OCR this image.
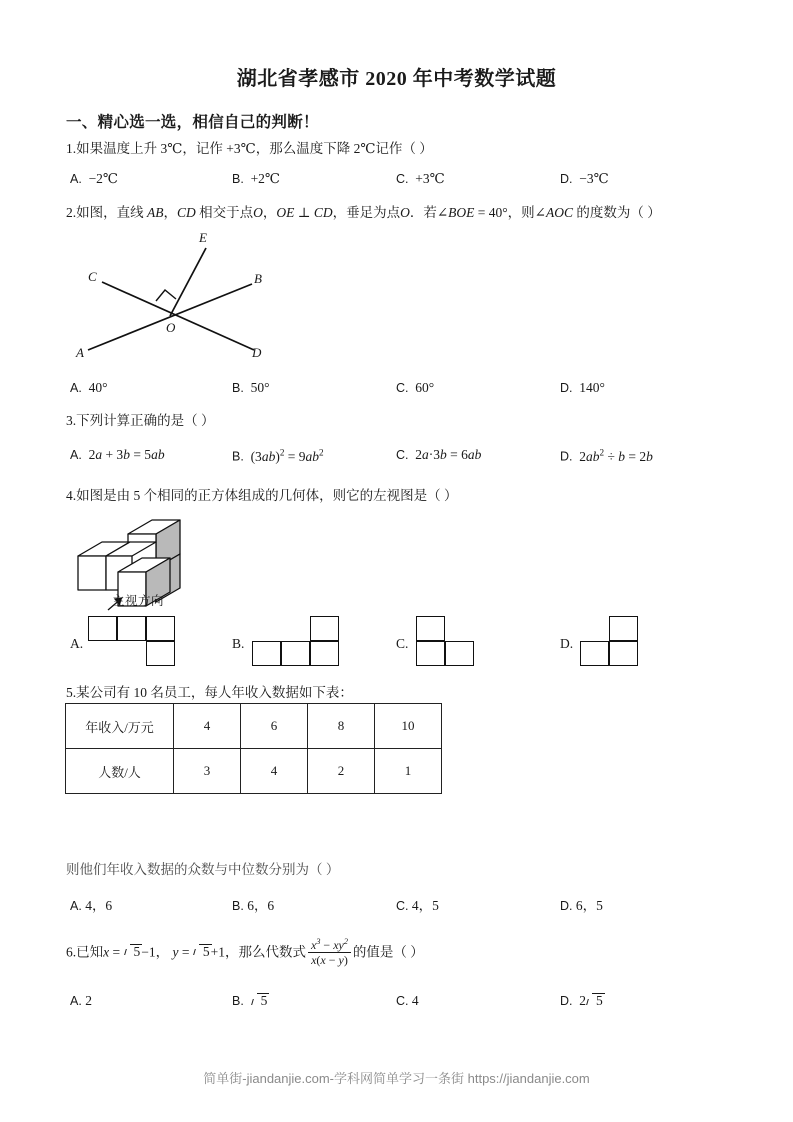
湖北省孝感市 2020 年中考数学试题
一、精心选一选，相信自己的判断！
1.如果温度上升 3℃，记作 +3℃，那么温度下降 2℃记作（ ）
A. −2℃	B. +2℃	C. +3℃	D. −3℃
2.如图，直线 AB，CD 相交于点O，OE ⊥ CD，垂足为点O．若∠BOE = 40°，则∠AOC 的度数为（ ）
E
C	B
O
A	D
A. 40°	B. 50°	C. 60°	D. 140°
3.下列计算正确的是（ ）
A. 2a + 3b = 5ab	B. $(3ab)^2 = 9ab^2$	C. 2a·3b = 6ab	D. $2ab^2 \div b = 2b$
4.如图是由 5 个相同的正方体组成的几何体，则它的左视图是（ ）
主视方向
A.	B.	C.	D.
5.某公司有 10 名员工，每人年收入数据如下表：
年收入/万元	4	6	8	10
人数/人	3	4	2	1
则他们年收入数据的众数与中位数分别为（ ）
A. 4，6	B. 6，6	C. 4，5	D. 6，5
6.已知x = 5−1， y = 5+1，那么代数式 $\frac{x^3 - xy^2}{x(x - y)}$ 的值是（ ）
A. 2	B. 5	C. 4	D. 2 5
简单街-jiandanjie.com-学科网简单学习一条街 https://jiandanjie.com
